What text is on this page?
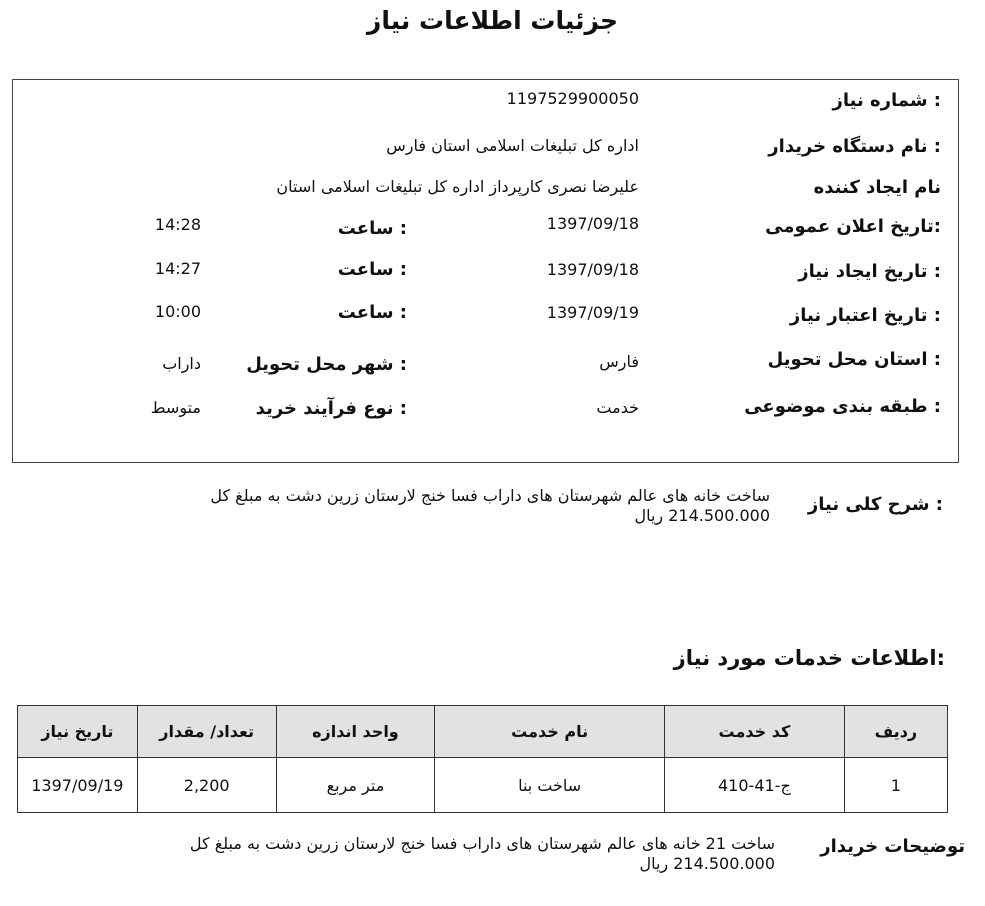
جزئیات اطلاعات نیاز
شماره نیاز :
1197529900050
نام دستگاه خریدار :
اداره کل تبلیغات اسلامی استان فارس
نام ایجاد کننده
علیرضا نصری کارپرداز اداره کل تبلیغات اسلامی استان
تاریخ اعلان عمومی:
1397/09/18
ساعت :
14:28
تاریخ ایجاد نیاز :
1397/09/18
ساعت :
14:27
تاریخ اعتبار نیاز :
1397/09/19
ساعت :
10:00
استان محل تحویل :
فارس
شهر محل تحویل :
داراب
طبقه بندی موضوعی :
خدمت
نوع فرآیند خرید :
متوسط
شرح کلی نیاز :
ساخت خانه های عالم شهرستان های داراب فسا خنج لارستان زرین دشت به مبلغ کل
214.500.000 ریال
اطلاعات خدمات مورد نیاز:
ردیف	کد خدمت	نام خدمت	واحد اندازه	تعداد/ مقدار	تاریخ نیاز
1	ج-41-410	ساخت بنا	متر مربع	2,200	1397/09/19
توضیحات خریدار
ساخت 21 خانه های عالم شهرستان های داراب فسا خنج لارستان زرین دشت به مبلغ کل
214.500.000 ریال
